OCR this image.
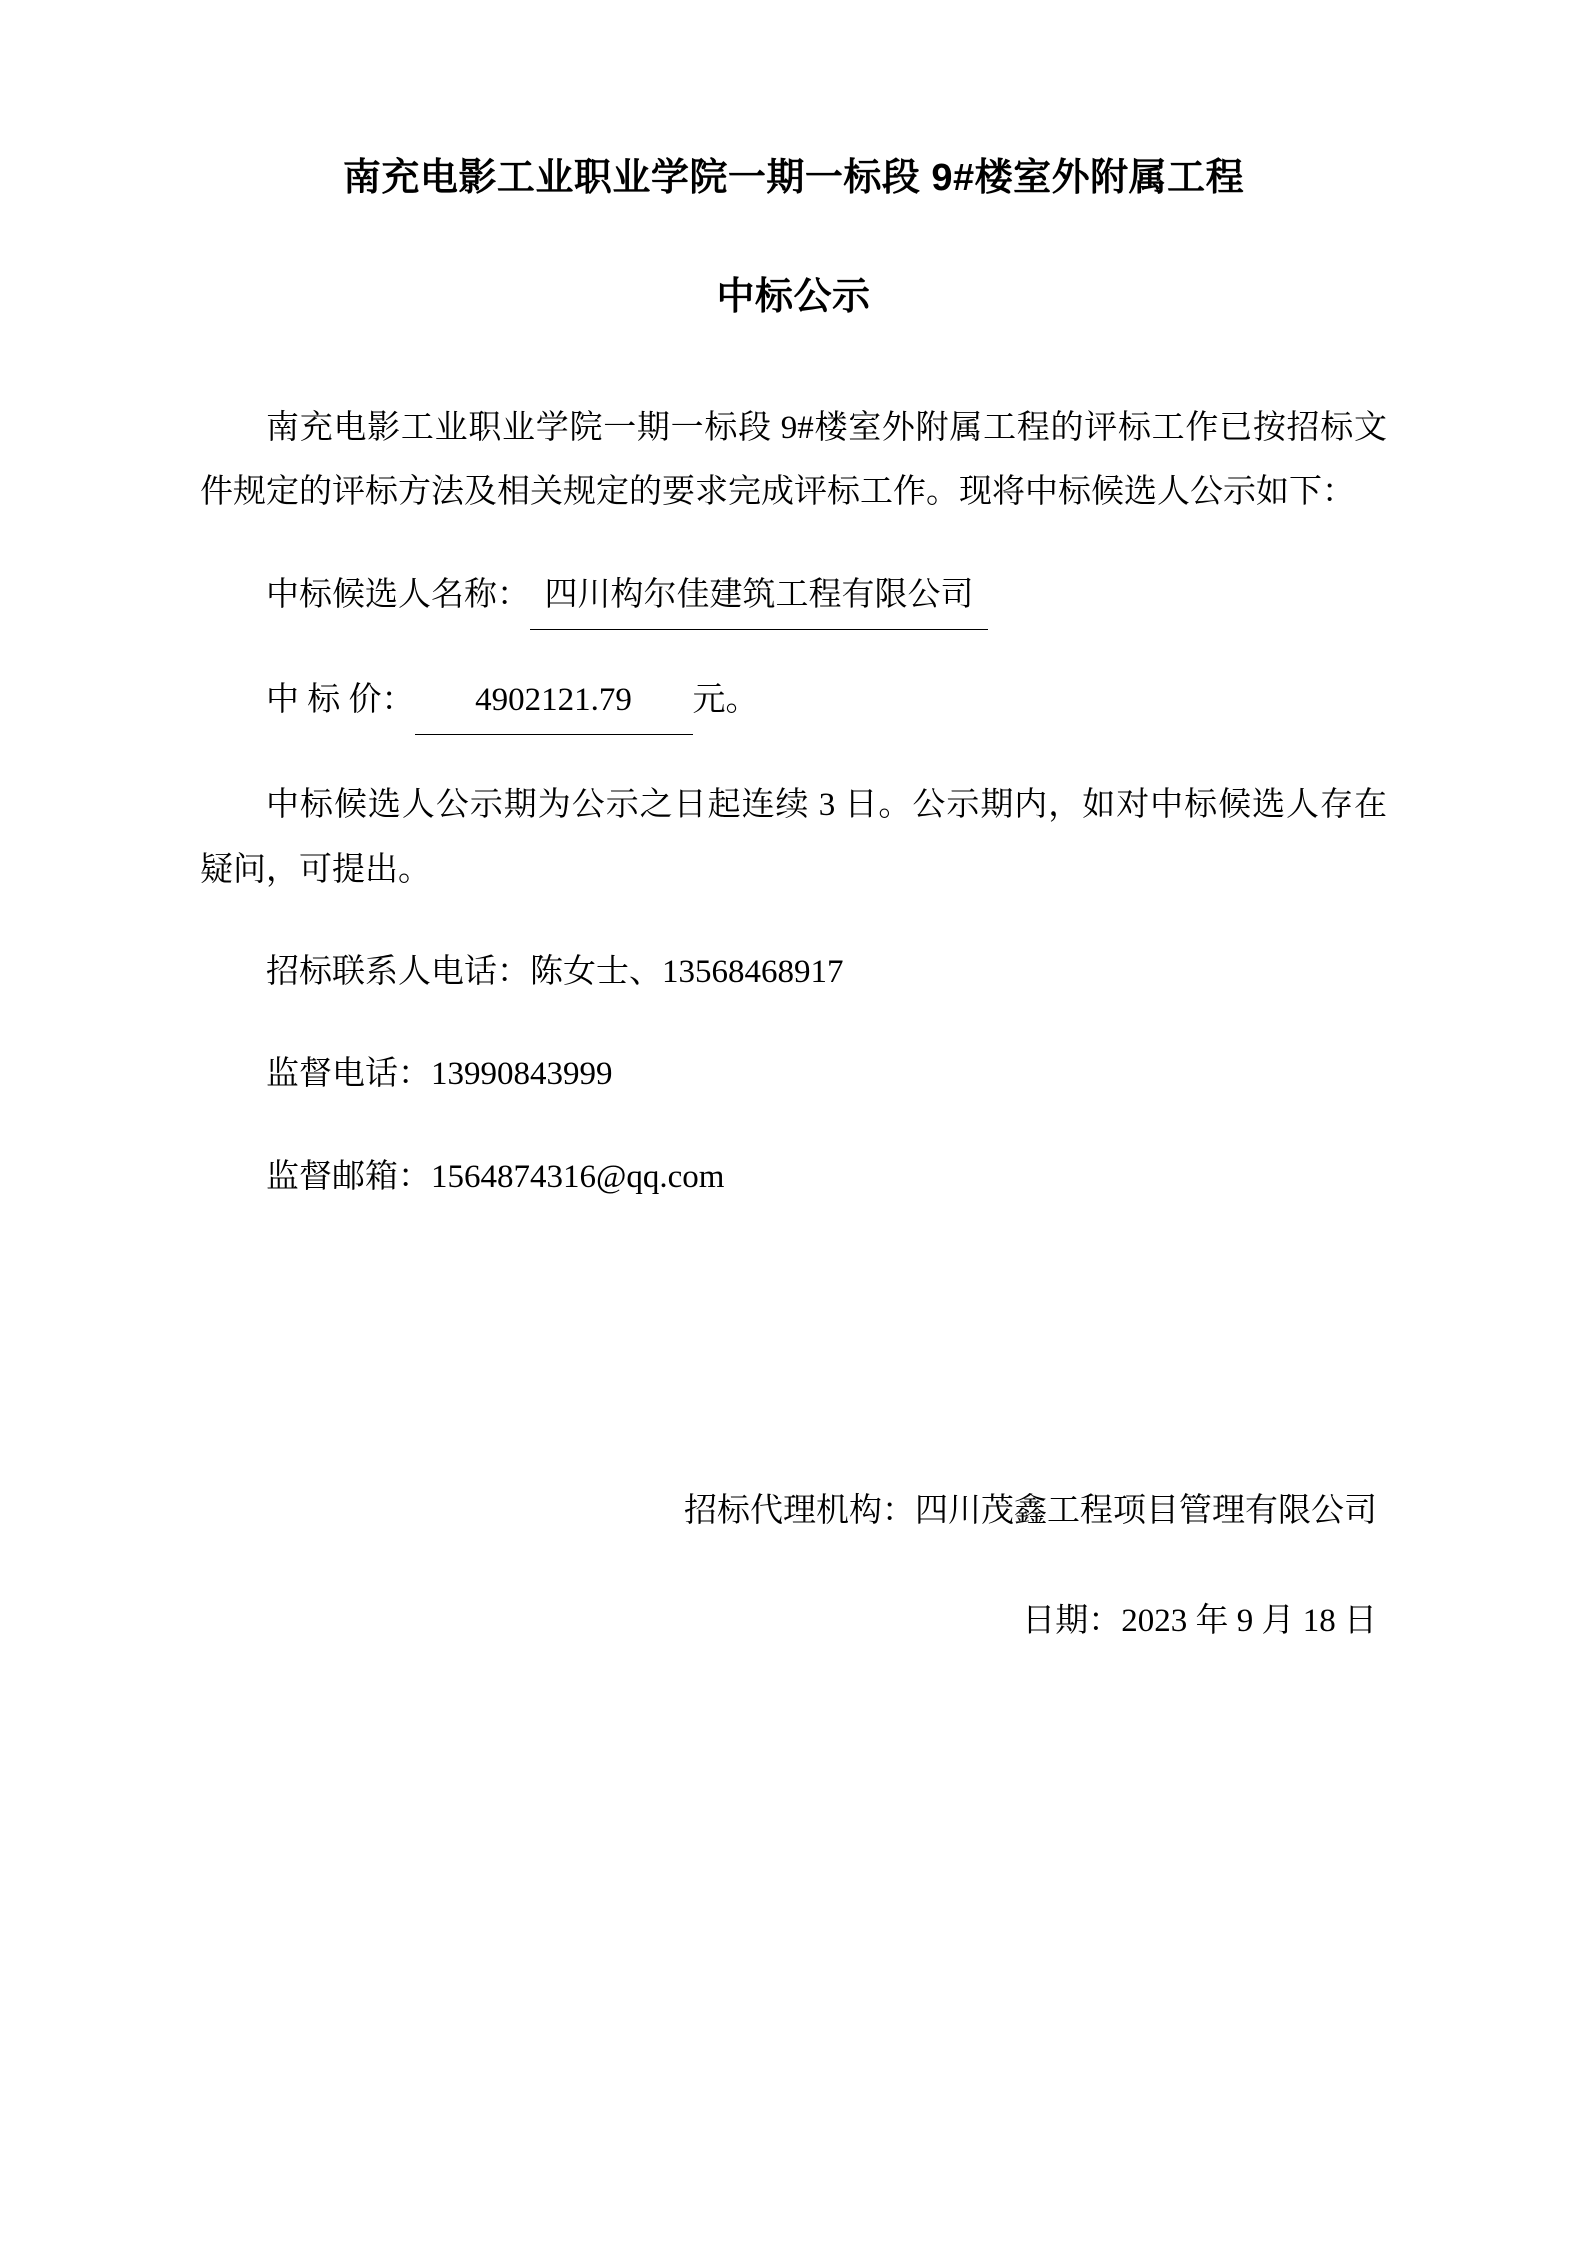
南充电影工业职业学院一期一标段 9#楼室外附属工程
中标公示

南充电影工业职业学院一期一标段 9#楼室外附属工程的评标工作已按招标文件规定的评标方法及相关规定的要求完成评标工作。现将中标候选人公示如下：

中标候选人名称： 四川构尔佳建筑工程有限公司
中 标 价： 4902121.79 元。

中标候选人公示期为公示之日起连续 3 日。公示期内，如对中标候选人存在疑问，可提出。

招标联系人电话：陈女士、13568468917

监督电话：13990843999

监督邮箱：1564874316@qq.com

招标代理机构：四川茂鑫工程项目管理有限公司

日期：2023 年 9 月 18 日
